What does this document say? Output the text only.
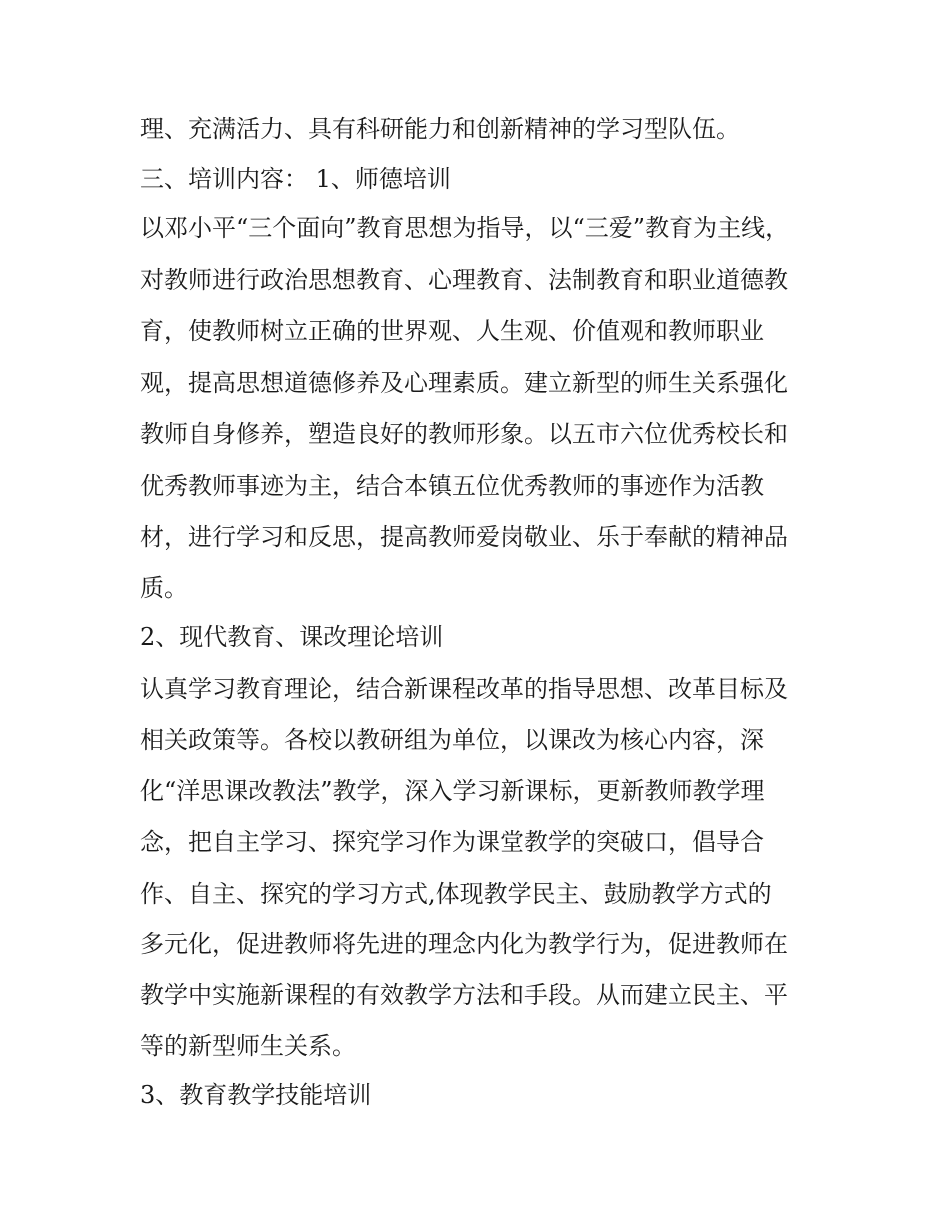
理、充满活力、具有科研能力和创新精神的学习型队伍。
三、培训内容： 1、师德培训
以邓小平“三个面向”教育思想为指导，以“三爱”教育为主线，
对教师进行政治思想教育、心理教育、法制教育和职业道德教
育，使教师树立正确的世界观、人生观、价值观和教师职业
观，提高思想道德修养及心理素质。建立新型的师生关系强化
教师自身修养，塑造良好的教师形象。以五市六位优秀校长和
优秀教师事迹为主，结合本镇五位优秀教师的事迹作为活教
材，进行学习和反思，提高教师爱岗敬业、乐于奉献的精神品
质。
2、现代教育、课改理论培训
认真学习教育理论，结合新课程改革的指导思想、改革目标及
相关政策等。各校以教研组为单位，以课改为核心内容，深
化“洋思课改教法”教学，深入学习新课标，更新教师教学理
念，把自主学习、探究学习作为课堂教学的突破口，倡导合
作、自主、探究的学习方式,体现教学民主、鼓励教学方式的
多元化，促进教师将先进的理念内化为教学行为，促进教师在
教学中实施新课程的有效教学方法和手段。从而建立民主、平
等的新型师生关系。
3、教育教学技能培训
